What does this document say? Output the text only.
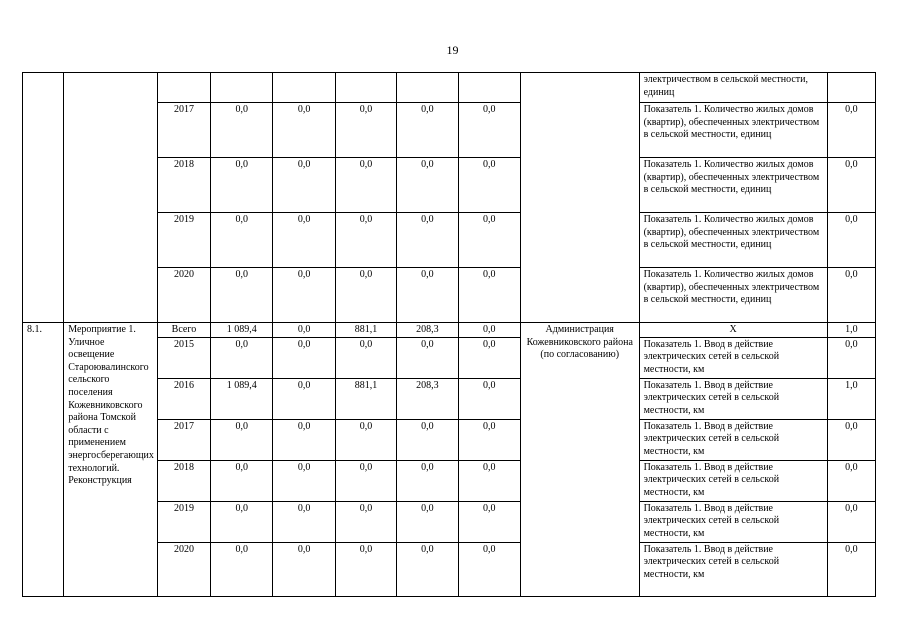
19
									электричеством в сельской местности, единиц	
		2017	0,0	0,0	0,0	0,0	0,0		Показатель 1. Количество жилых домов (квартир), обеспеченных электричеством в сельской местности, единиц	0,0
		2018	0,0	0,0	0,0	0,0	0,0		Показатель 1. Количество жилых домов (квартир), обеспеченных электричеством в сельской местности, единиц	0,0
		2019	0,0	0,0	0,0	0,0	0,0		Показатель 1. Количество жилых домов (квартир), обеспеченных электричеством в сельской местности, единиц	0,0
		2020	0,0	0,0	0,0	0,0	0,0		Показатель 1. Количество жилых домов (квартир), обеспеченных электричеством в сельской местности, единиц	0,0
8.1.	Мероприятие 1. Уличное освещение Староювалинского сельского поселения Кожевниковского района Томской области с применением энергосберегающих технологий. Реконструкция	Всего	1 089,4	0,0	881,1	208,3	0,0	Администрация Кожевниковского района (по согласованию)	Х	1,0
		2015	0,0	0,0	0,0	0,0	0,0		Показатель 1. Ввод в действие электрических сетей в сельской местности, км	0,0
		2016	1 089,4	0,0	881,1	208,3	0,0		Показатель 1. Ввод в действие электрических сетей в сельской местности, км	1,0
		2017	0,0	0,0	0,0	0,0	0,0		Показатель 1. Ввод в действие электрических сетей в сельской местности, км	0,0
		2018	0,0	0,0	0,0	0,0	0,0		Показатель 1. Ввод в действие электрических сетей в сельской местности, км	0,0
		2019	0,0	0,0	0,0	0,0	0,0		Показатель 1. Ввод в действие электрических сетей в сельской местности, км	0,0
		2020	0,0	0,0	0,0	0,0	0,0		Показатель 1. Ввод в действие электрических сетей в сельской местности, км	0,0
